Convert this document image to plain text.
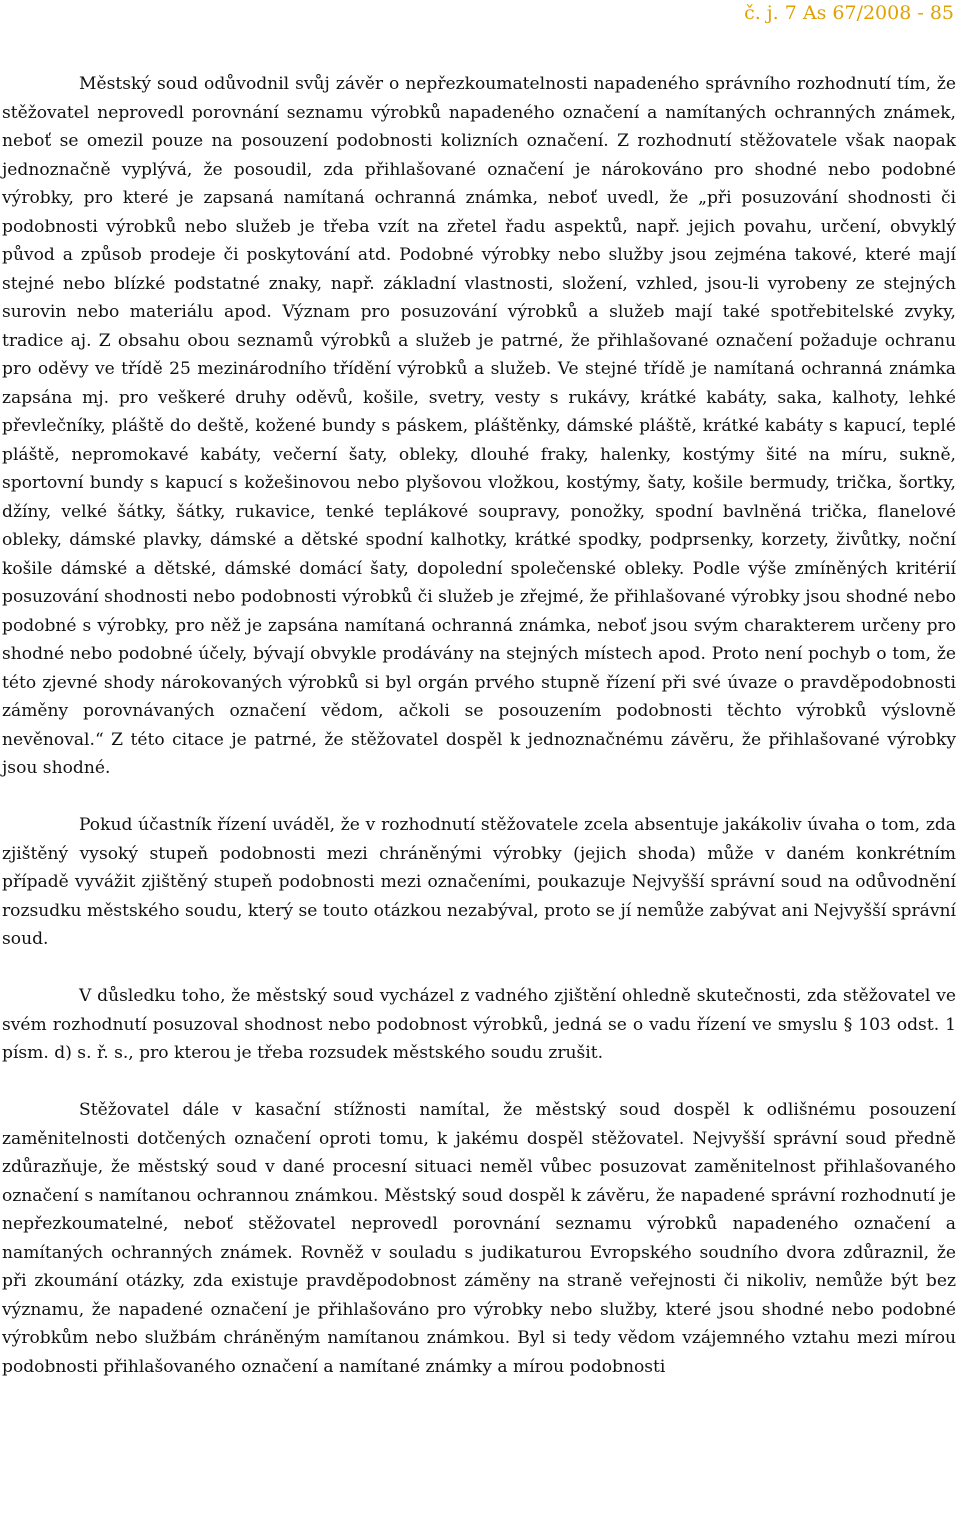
č. j. 7 As 67/2008 - 85

Městský soud odůvodnil svůj závěr o nepřezkoumatelnosti napadeného správního rozhodnutí tím, že stěžovatel neprovedl porovnání seznamu výrobků napadeného označení a namítaných ochranných známek, neboť se omezil pouze na posouzení podobnosti kolizních označení. Z rozhodnutí stěžovatele však naopak jednoznačně vyplývá, že posoudil, zda přihlašované označení je nárokováno pro shodné nebo podobné výrobky, pro které je zapsaná namítaná ochranná známka, neboť uvedl, že „při posuzování shodnosti či podobnosti výrobků nebo služeb je třeba vzít na zřetel řadu aspektů, např. jejich povahu, určení, obvyklý původ a způsob prodeje či poskytování atd. Podobné výrobky nebo služby jsou zejména takové, které mají stejné nebo blízké podstatné znaky, např. základní vlastnosti, složení, vzhled, jsou-li vyrobeny ze stejných surovin nebo materiálu apod. Význam pro posuzování výrobků a služeb mají také spotřebitelské zvyky, tradice aj. Z obsahu obou seznamů výrobků a služeb je patrné, že přihlašované označení požaduje ochranu pro oděvy ve třídě 25 mezinárodního třídění výrobků a služeb. Ve stejné třídě je namítaná ochranná známka zapsána mj. pro veškeré druhy oděvů, košile, svetry, vesty s rukávy, krátké kabáty, saka, kalhoty, lehké převlečníky, pláště do deště, kožené bundy s páskem, pláštěnky, dámské pláště, krátké kabáty s kapucí, teplé pláště, nepromokavé kabáty, večerní šaty, obleky, dlouhé fraky, halenky, kostýmy šité na míru, sukně, sportovní bundy s kapucí s kožešinovou nebo plyšovou vložkou, kostýmy, šaty, košile bermudy, trička, šortky, džíny, velké šátky, šátky, rukavice, tenké teplákové soupravy, ponožky, spodní bavlněná trička, flanelové obleky, dámské plavky, dámské a dětské spodní kalhotky, krátké spodky, podprsenky, korzety, živůtky, noční košile dámské a dětské, dámské domácí šaty, dopolední společenské obleky. Podle výše zmíněných kritérií posuzování shodnosti nebo podobnosti výrobků či služeb je zřejmé, že přihlašované výrobky jsou shodné nebo podobné s výrobky, pro něž je zapsána namítaná ochranná známka, neboť jsou svým charakterem určeny pro shodné nebo podobné účely, bývají obvykle prodávány na stejných místech apod. Proto není pochyb o tom, že této zjevné shody nárokovaných výrobků si byl orgán prvého stupně řízení při své úvaze o pravděpodobnosti záměny porovnávaných označení vědom, ačkoli se posouzením podobnosti těchto výrobků výslovně nevěnoval.“ Z této citace je patrné, že stěžovatel dospěl k jednoznačnému závěru, že přihlašované výrobky jsou shodné.

Pokud účastník řízení uváděl, že v rozhodnutí stěžovatele zcela absentuje jakákoliv úvaha o tom, zda zjištěný vysoký stupeň podobnosti mezi chráněnými výrobky (jejich shoda) může v daném konkrétním případě vyvážit zjištěný stupeň podobnosti mezi označeními, poukazuje Nejvyšší správní soud na odůvodnění rozsudku městského soudu, který se touto otázkou nezabýval, proto se jí nemůže zabývat ani Nejvyšší správní soud.

V důsledku toho, že městský soud vycházel z vadného zjištění ohledně skutečnosti, zda stěžovatel ve svém rozhodnutí posuzoval shodnost nebo podobnost výrobků, jedná se o vadu řízení ve smyslu § 103 odst. 1 písm. d) s. ř. s., pro kterou je třeba rozsudek městského soudu zrušit.

Stěžovatel dále v kasační stížnosti namítal, že městský soud dospěl k odlišnému posouzení zaměnitelnosti dotčených označení oproti tomu, k jakému dospěl stěžovatel. Nejvyšší správní soud předně zdůrazňuje, že městský soud v dané procesní situaci neměl vůbec posuzovat zaměnitelnost přihlašovaného označení s namítanou ochrannou známkou. Městský soud dospěl k závěru, že napadené správní rozhodnutí je nepřezkoumatelné, neboť stěžovatel neprovedl porovnání seznamu výrobků napadeného označení a namítaných ochranných známek. Rovněž v souladu s judikaturou Evropského soudního dvora zdůraznil, že při zkoumání otázky, zda existuje pravděpodobnost záměny na straně veřejnosti či nikoliv, nemůže být bez významu, že napadené označení je přihlašováno pro výrobky nebo služby, které jsou shodné nebo podobné výrobkům nebo službám chráněným namítanou známkou. Byl si tedy vědom vzájemného vztahu mezi mírou podobnosti přihlašovaného označení a namítané známky a mírou podobnosti
